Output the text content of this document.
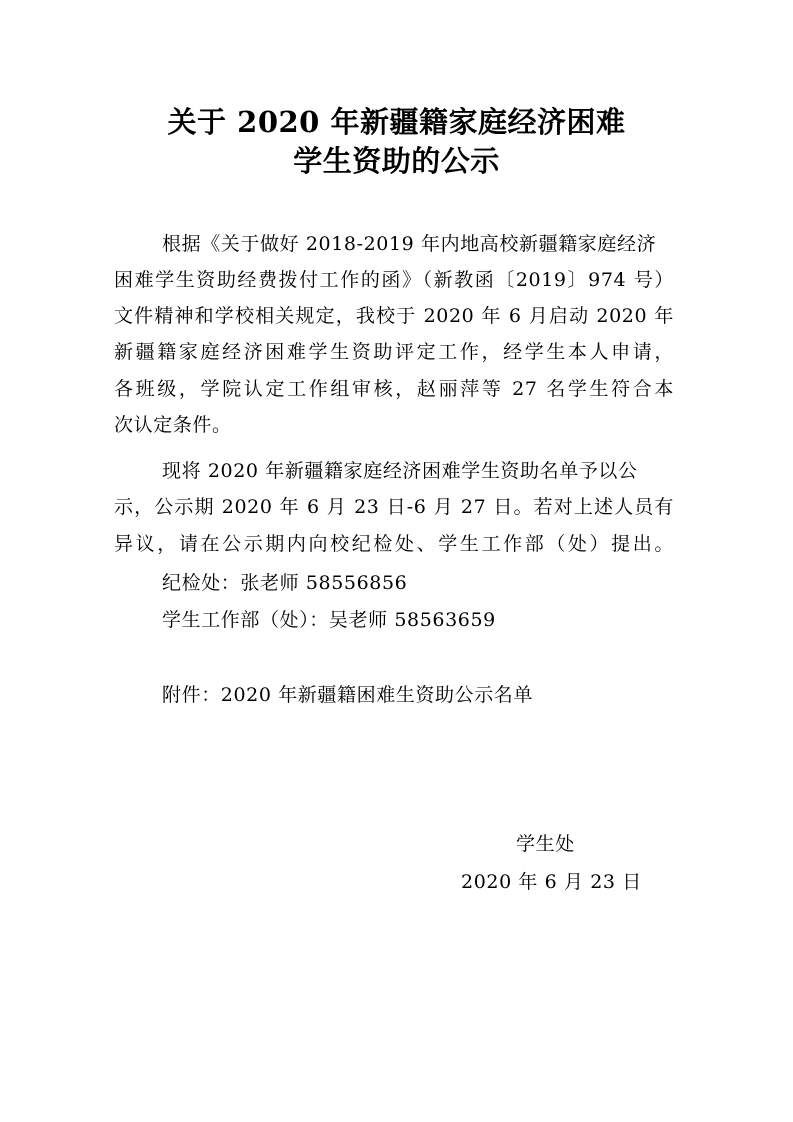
关于 2020 年新疆籍家庭经济困难
学生资助的公示
根据《关于做好 2018-2019 年内地高校新疆籍家庭经济
困难学生资助经费拨付工作的函》（新教函〔2019〕974 号）
文件精神和学校相关规定，我校于 2020 年 6 月启动 2020 年
新疆籍家庭经济困难学生资助评定工作，经学生本人申请，
各班级，学院认定工作组审核，赵丽萍等 27 名学生符合本
次认定条件。
现将 2020 年新疆籍家庭经济困难学生资助名单予以公
示，公示期 2020 年 6 月 23 日-6 月 27 日。若对上述人员有
异议，请在公示期内向校纪检处、学生工作部（处）提出。
纪检处：张老师 58556856
学生工作部（处）：吴老师 58563659
附件：2020 年新疆籍困难生资助公示名单
学生处
2020 年 6 月 23 日
